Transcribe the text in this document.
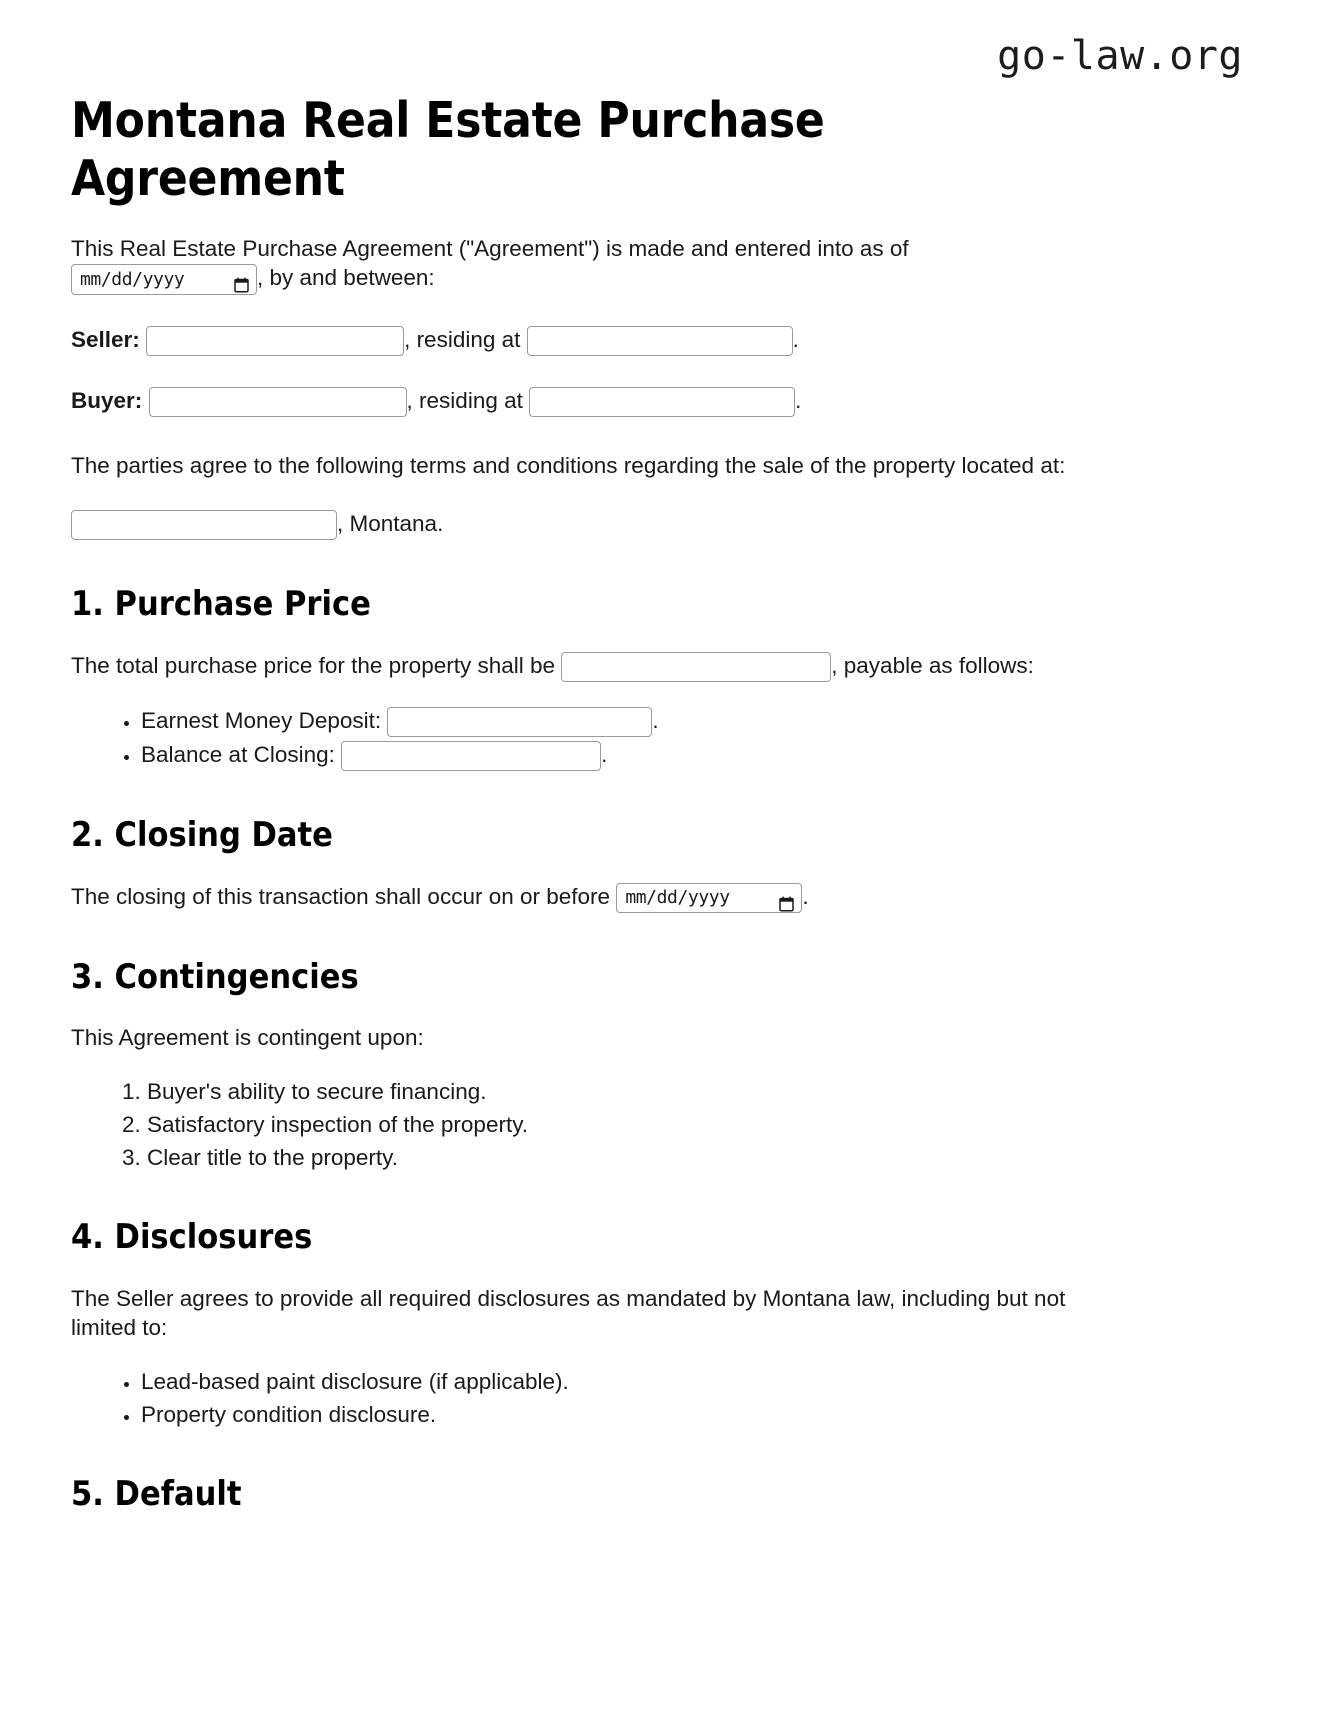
go-law.org
Montana Real Estate Purchase Agreement

This Real Estate Purchase Agreement ("Agreement") is made and entered into as of

mm/dd/yyyy	, by and between:

Seller:	, residing at	.

Buyer:	, residing at	.

The parties agree to the following terms and conditions regarding the sale of the property located at:

, Montana.

1. Purchase Price

The total purchase price for the property shall be	, payable as follows:

• Earnest Money Deposit:	.
• Balance at Closing:	.
2. Closing Date

The closing of this transaction shall occur on or before mm/dd/yyyy	.

3. Contingencies

This Agreement is contingent upon:

1. Buyer's ability to secure financing.
2. Satisfactory inspection of the property.
3. Clear title to the property.
4. Disclosures

The Seller agrees to provide all required disclosures as mandated by Montana law, including but not limited to:

• Lead-based paint disclosure (if applicable).
• Property condition disclosure.
5. Default
